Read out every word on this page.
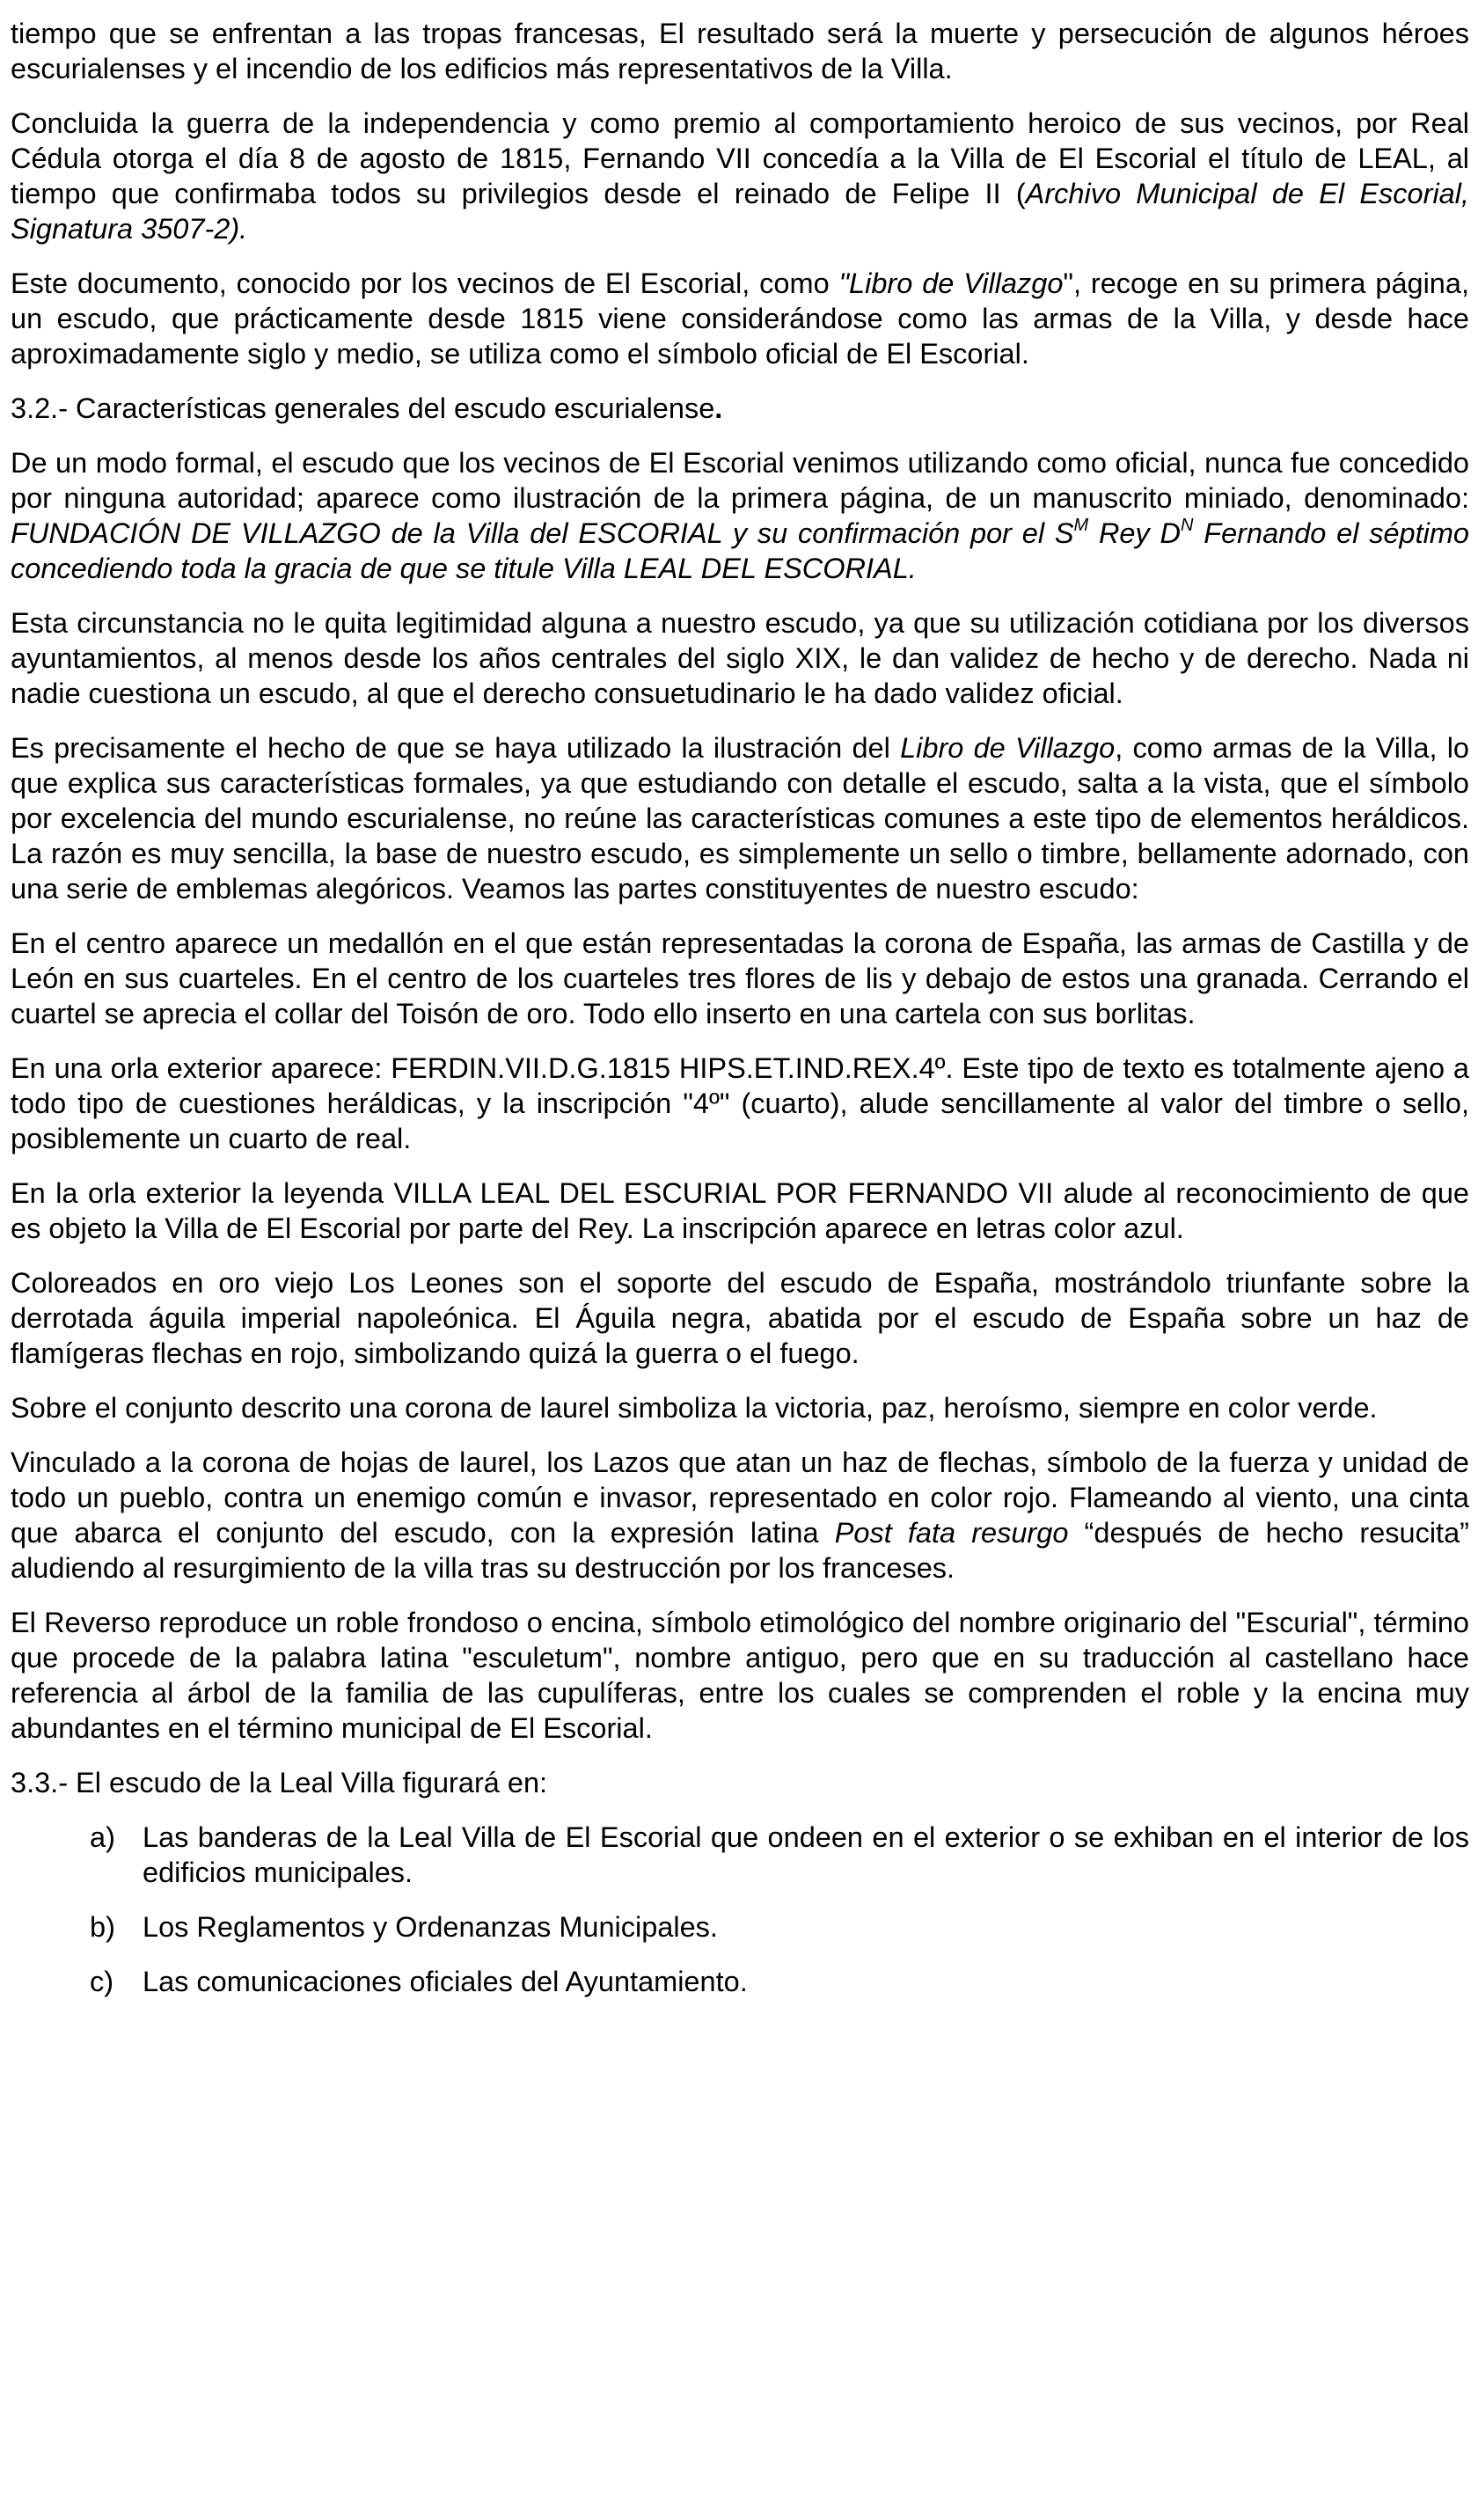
tiempo que se enfrentan a las tropas francesas, El resultado será la muerte y persecución de algunos héroes escurialenses y el incendio de los edificios más representativos de la Villa.

Concluida la guerra de la independencia y como premio al comportamiento heroico de sus vecinos, por Real Cédula otorga el día 8 de agosto de 1815, Fernando VII concedía a la Villa de El Escorial el título de LEAL, al tiempo que confirmaba todos su privilegios desde el reinado de Felipe II (Archivo Municipal de El Escorial, Signatura 3507-2).

Este documento, conocido por los vecinos de El Escorial, como "Libro de Villazgo", recoge en su primera página, un escudo, que prácticamente desde 1815 viene considerándose como las armas de la Villa, y desde hace aproximadamente siglo y medio, se utiliza como el símbolo oficial de El Escorial.

3.2.- Características generales del escudo escurialense.

De un modo formal, el escudo que los vecinos de El Escorial venimos utilizando como oficial, nunca fue concedido por ninguna autoridad; aparece como ilustración de la primera página, de un manuscrito miniado, denominado: FUNDACIÓN DE VILLAZGO de la Villa del ESCORIAL y su confirmación por el $S^M$ Rey $D^N$ Fernando el séptimo concediendo toda la gracia de que se titule Villa LEAL DEL ESCORIAL.

Esta circunstancia no le quita legitimidad alguna a nuestro escudo, ya que su utilización cotidiana por los diversos ayuntamientos, al menos desde los años centrales del siglo XIX, le dan validez de hecho y de derecho. Nada ni nadie cuestiona un escudo, al que el derecho consuetudinario le ha dado validez oficial.

Es precisamente el hecho de que se haya utilizado la ilustración del Libro de Villazgo, como armas de la Villa, lo que explica sus características formales, ya que estudiando con detalle el escudo, salta a la vista, que el símbolo por excelencia del mundo escurialense, no reúne las características comunes a este tipo de elementos heráldicos. La razón es muy sencilla, la base de nuestro escudo, es simplemente un sello o timbre, bellamente adornado, con una serie de emblemas alegóricos. Veamos las partes constituyentes de nuestro escudo:

En el centro aparece un medallón en el que están representadas la corona de España, las armas de Castilla y de León en sus cuarteles. En el centro de los cuarteles tres flores de lis y debajo de estos una granada. Cerrando el cuartel se aprecia el collar del Toisón de oro. Todo ello inserto en una cartela con sus borlitas.

En una orla exterior aparece: FERDIN.VII.D.G.1815 HIPS.ET.IND.REX.4º. Este tipo de texto es totalmente ajeno a todo tipo de cuestiones heráldicas, y la inscripción "4º" (cuarto), alude sencillamente al valor del timbre o sello, posiblemente un cuarto de real.

En la orla exterior la leyenda VILLA LEAL DEL ESCURIAL POR FERNANDO VII alude al reconocimiento de que es objeto la Villa de El Escorial por parte del Rey. La inscripción aparece en letras color azul.

Coloreados en oro viejo Los Leones son el soporte del escudo de España, mostrándolo triunfante sobre la derrotada águila imperial napoleónica. El Águila negra, abatida por el escudo de España sobre un haz de flamígeras flechas en rojo, simbolizando quizá la guerra o el fuego.

Sobre el conjunto descrito una corona de laurel simboliza la victoria, paz, heroísmo, siempre en color verde.

Vinculado a la corona de hojas de laurel, los Lazos que atan un haz de flechas, símbolo de la fuerza y unidad de todo un pueblo, contra un enemigo común e invasor, representado en color rojo. Flameando al viento, una cinta que abarca el conjunto del escudo, con la expresión latina Post fata resurgo “después de hecho resucita” aludiendo al resurgimiento de la villa tras su destrucción por los franceses.

El Reverso reproduce un roble frondoso o encina, símbolo etimológico del nombre originario del "Escurial", término que procede de la palabra latina "esculetum", nombre antiguo, pero que en su traducción al castellano hace referencia al árbol de la familia de las cupulíferas, entre los cuales se comprenden el roble y la encina muy abundantes en el término municipal de El Escorial.

3.3.- El escudo de la Leal Villa figurará en:

a) Las banderas de la Leal Villa de El Escorial que ondeen en el exterior o se exhiban en el interior de los edificios municipales.
b) Los Reglamentos y Ordenanzas Municipales.
c)	Las comunicaciones oficiales del Ayuntamiento.
